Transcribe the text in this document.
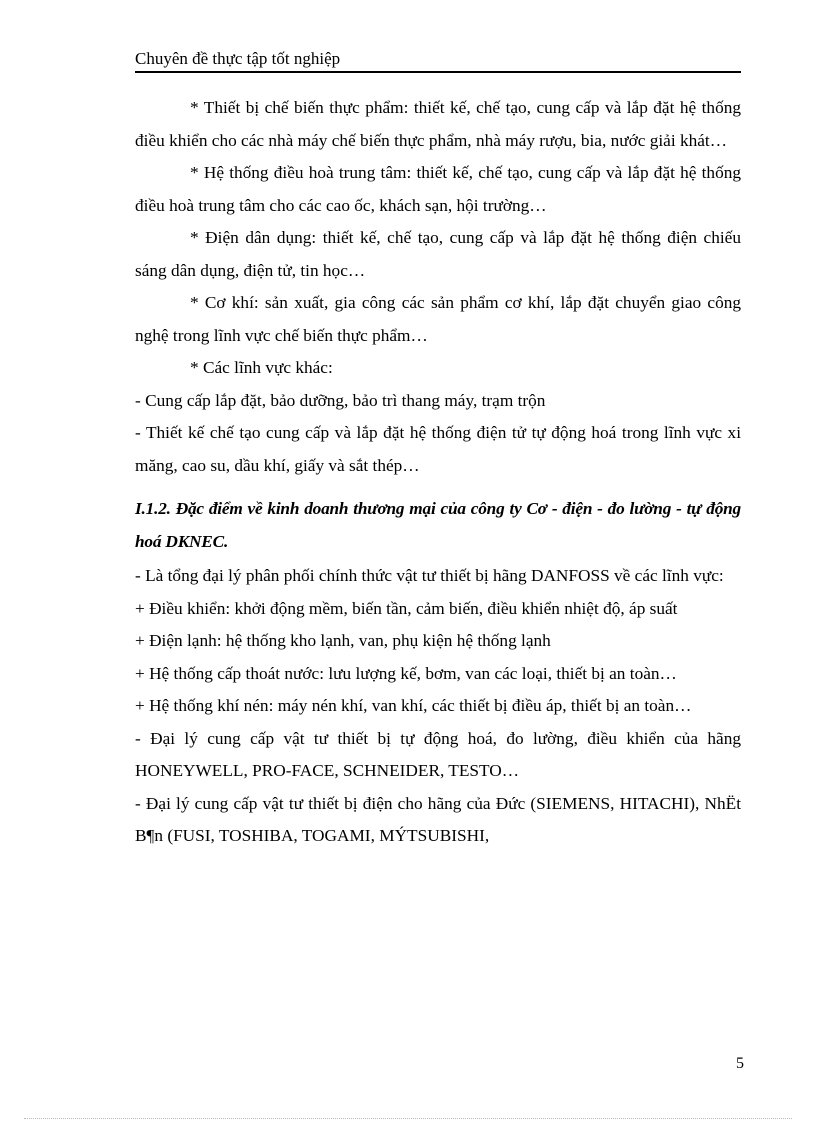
Chuyên đề thực tập tốt nghiệp

* Thiết bị chế biến thực phẩm: thiết kế, chế tạo, cung cấp và lắp đặt hệ thống điều khiển cho các nhà máy chế biến thực phẩm, nhà máy rượu, bia, nước giải khát…

* Hệ thống điều hoà trung tâm: thiết kế, chế tạo, cung cấp và lắp đặt hệ thống điều hoà trung tâm cho các cao ốc, khách sạn, hội trường…

* Điện dân dụng: thiết kế, chế tạo, cung cấp và lắp đặt hệ thống điện chiếu sáng dân dụng, điện tử, tin học…

* Cơ khí: sản xuất, gia công các sản phẩm cơ khí, lắp đặt chuyển giao công nghệ trong lĩnh vực chế biến thực phẩm…

* Các lĩnh vực khác:

- Cung cấp lắp đặt, bảo dưỡng, bảo trì thang máy, trạm trộn

- Thiết kế chế tạo cung cấp và lắp đặt hệ thống điện tử tự động hoá trong lĩnh vực xi măng, cao su, dầu khí, giấy và sắt thép…

I.1.2. Đặc điểm về kinh doanh thương mại của công ty Cơ - điện - đo lường - tự động hoá DKNEC.

- Là tổng đại lý phân phối chính thức vật tư thiết bị hãng DANFOSS về các lĩnh vực:

+ Điều khiển: khởi động mềm, biến tần, cảm biến, điều khiển nhiệt độ, áp suất

+ Điện lạnh: hệ thống kho lạnh, van, phụ kiện hệ thống lạnh

+ Hệ thống cấp thoát nước: lưu lượng kế, bơm, van các loại, thiết bị an toàn…

+ Hệ thống khí nén: máy nén khí, van khí, các thiết bị điều áp, thiết bị an toàn…

- Đại lý cung cấp vật tư thiết bị tự động hoá, đo lường, điều khiển của hãng HONEYWELL, PRO-FACE, SCHNEIDER, TESTO…

- Đại lý cung cấp vật tư thiết bị điện cho hãng của Đức (SIEMENS, HITACHI), NhËt B¶n (FUSI, TOSHIBA, TOGAMI, MÝTSUBISHI,

5
